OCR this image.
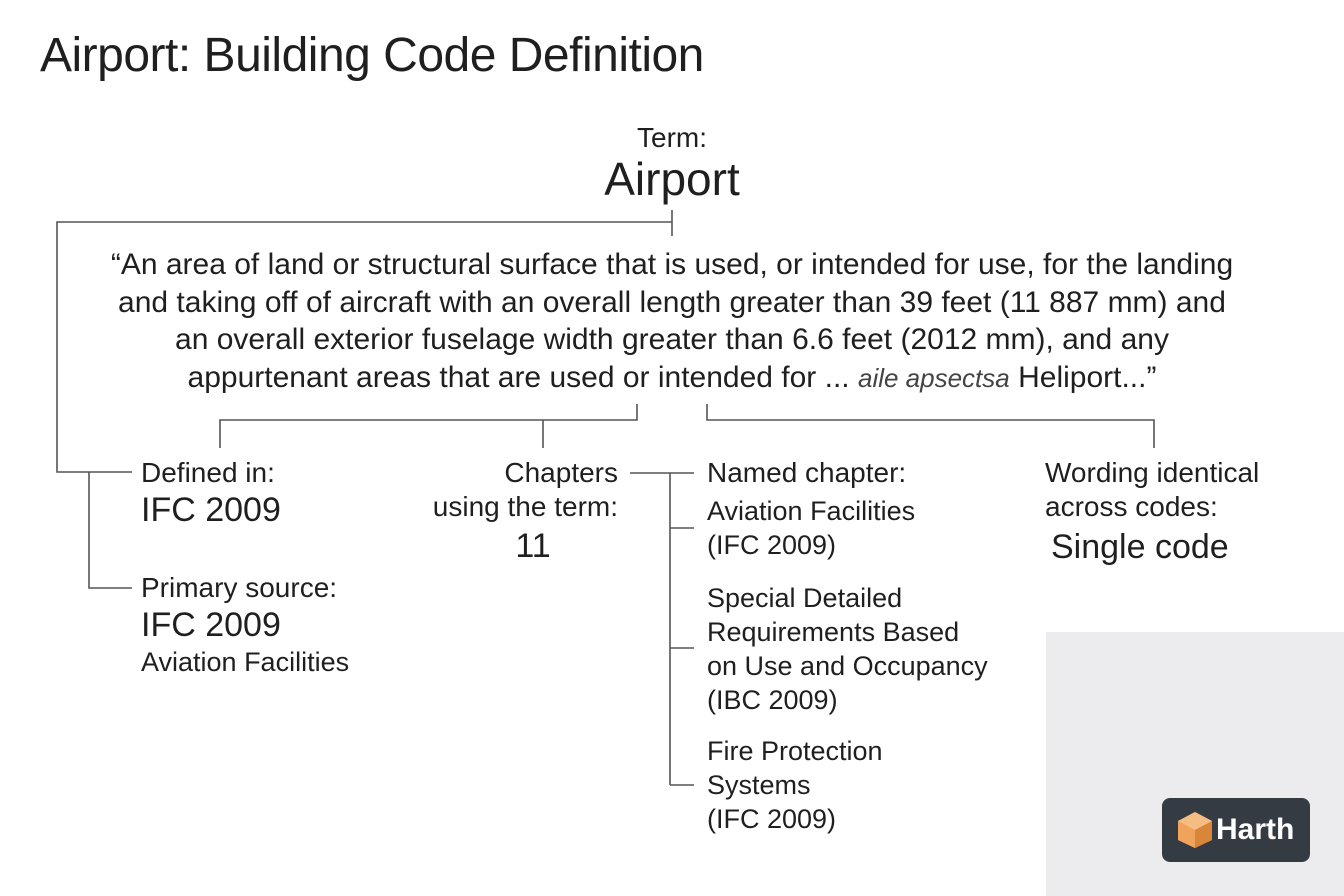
Airport: Building Code Definition
Term:
Airport
“An area of land or structural surface that is used, or intended for use, for the landing
and taking off of aircraft with an overall length greater than 39 feet (11 887 mm) and
an overall exterior fuselage width greater than 6.6 feet (2012 mm), and any
appurtenant areas that are used or intended for ... aile apsectsa Heliport...”
Defined in:
IFC 2009
Primary source:
IFC 2009
Aviation Facilities
Chapters
using the term:
11
Named chapter:
Aviation Facilities
(IFC 2009)
Special Detailed
Requirements Based
on Use and Occupancy
(IBC 2009)
Fire Protection
Systems
(IFC 2009)
Wording identical
across codes:
Single code
Harth
